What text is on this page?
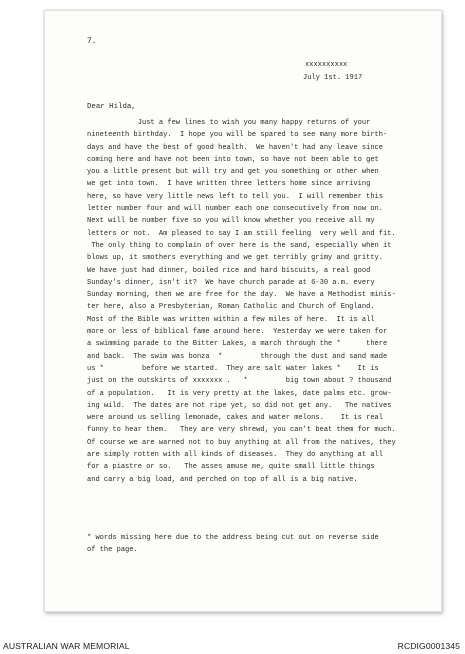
7.
xxxxxxxxxx
July 1st. 1917
Dear Hilda,
Just a few lines to wish you many happy returns of your
nineteenth birthday.  I hope you will be spared to see many more birth-
days and have the best of good health.  We haven't had any leave since
coming here and have not been into town, so have not been able to get
you a little present but will try and get you something or other when
we get into town.  I have written three letters home since arriving
here, so have very little news left to tell you.  I will remember this
letter number four and will number each one consecutively from now on.
Next will be number five so you will know whether you receive all my
letters or not.  Am pleased to say I am still feeling  very well and fit.
The only thing to complain of over here is the sand, especially when it
blows up, it smothers everything and we get terribly grimy and gritty.
We have just had dinner, boiled rice and hard biscuits, a real good
Sunday's dinner, isn't it?  We have church parade at 6-30 a.m. every
Sunday morning, then we are free for the day.  We have a Methodist minis-
ter here, also a Presbyterian, Roman Catholic and Church of England.
Most of the Bible was written within a few miles of here.  It is all
more or less of biblical fame around here.  Yesterday we were taken for
a swimming parade to the Bitter Lakes, a march through the *      there
and back.  The swim was bonza  *         through the dust and sand made
us *         before we started.  They are salt water lakes *    It is
just on the outskirts of xxxxxxx .   *         big town about ? thousand
of a population.   It is very pretty at the lakes, date palms etc. grow-
ing wild.  The dates are not ripe yet, so did not get any.   The natives
were around us selling lemonade, cakes and water melons.    It is real
funny to hear them.   They are very shrewd, you can't beat them for much.
Of course we are warned not to buy anything at all from the natives, they
are simply rotten with all kinds of diseases.  They do anything at all
for a piastre or so.   The asses amuse me, quite small little things
and carry a big load, and perched on top of all is a big native.
* words missing here due to the address being cut out on reverse side
of the page.
AUSTRALIAN WAR MEMORIAL	RCDIG0001345
